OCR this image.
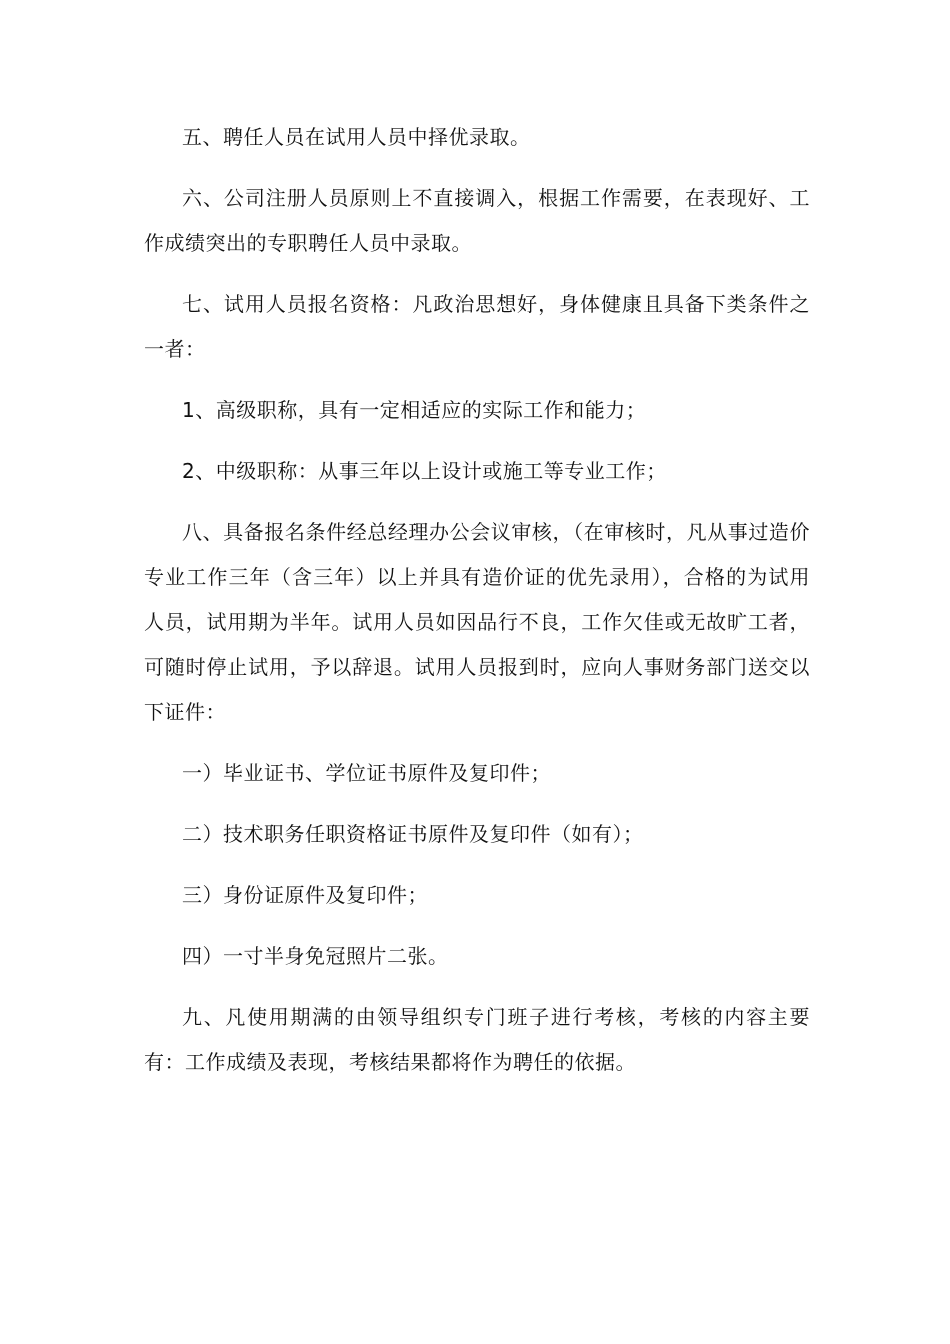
五、聘任人员在试用人员中择优录取。

六、公司注册人员原则上不直接调入，根据工作需要，在表现好、工作成绩突出的专职聘任人员中录取。

七、试用人员报名资格：凡政治思想好，身体健康且具备下类条件之一者：

1、高级职称，具有一定相适应的实际工作和能力；

2、中级职称：从事三年以上设计或施工等专业工作；

八、具备报名条件经总经理办公会议审核，（在审核时，凡从事过造价专业工作三年（含三年）以上并具有造价证的优先录用），合格的为试用人员，试用期为半年。试用人员如因品行不良，工作欠佳或无故旷工者，可随时停止试用，予以辞退。试用人员报到时，应向人事财务部门送交以下证件：

一）毕业证书、学位证书原件及复印件；

二）技术职务任职资格证书原件及复印件（如有）；

三）身份证原件及复印件；

四）一寸半身免冠照片二张。

九、凡使用期满的由领导组织专门班子进行考核，考核的内容主要有：工作成绩及表现，考核结果都将作为聘任的依据。
